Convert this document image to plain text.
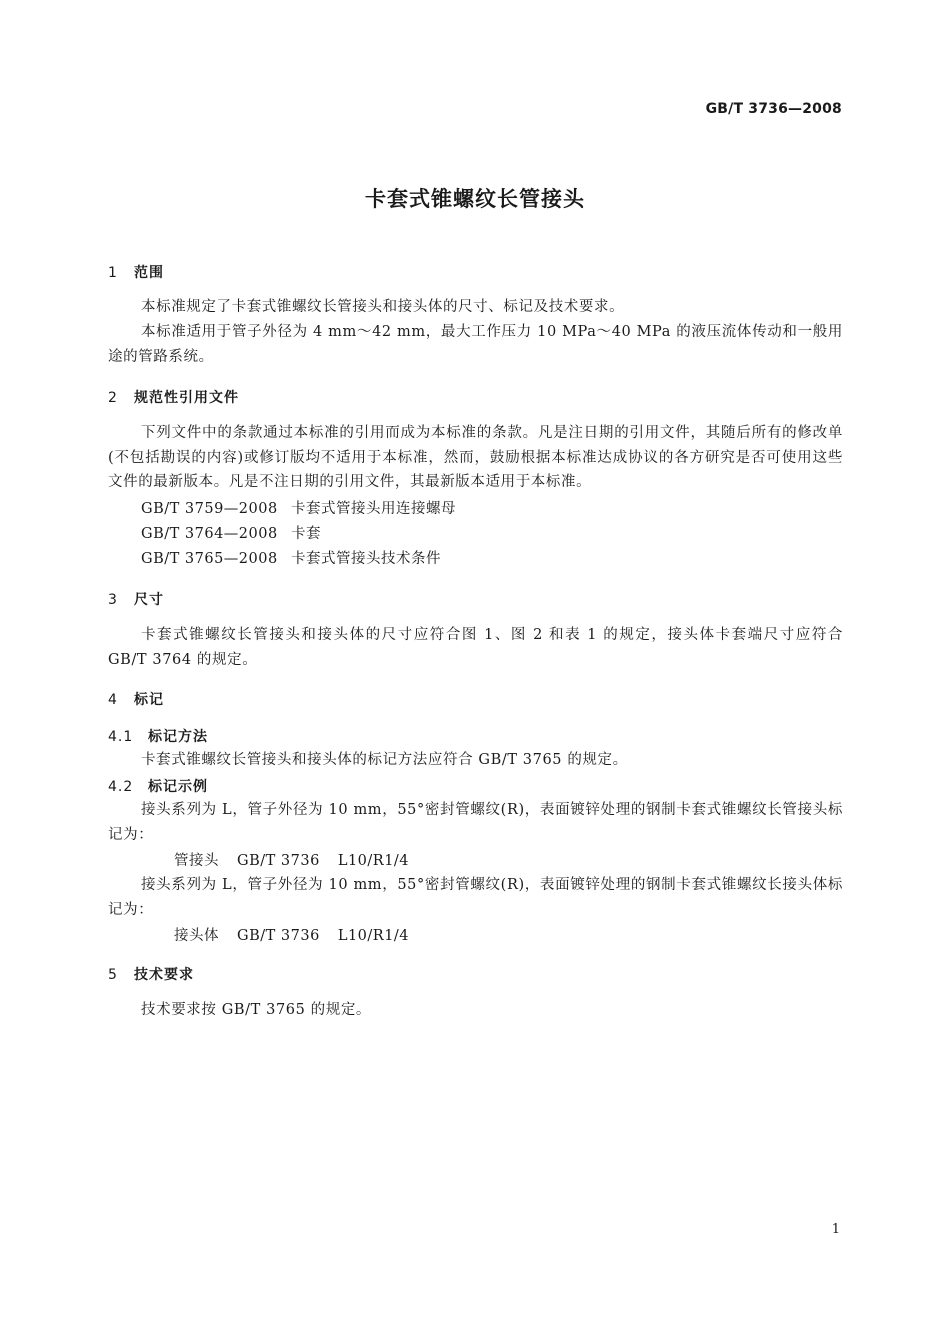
GB/T 3736—2008
卡套式锥螺纹长管接头
1 范围
本标准规定了卡套式锥螺纹长管接头和接头体的尺寸、标记及技术要求。
本标准适用于管子外径为 4 mm～42 mm，最大工作压力 10 MPa～40 MPa 的液压流体传动和一般用途的管路系统。
2 规范性引用文件
下列文件中的条款通过本标准的引用而成为本标准的条款。凡是注日期的引用文件，其随后所有的修改单(不包括勘误的内容)或修订版均不适用于本标准，然而，鼓励根据本标准达成协议的各方研究是否可使用这些文件的最新版本。凡是不注日期的引用文件，其最新版本适用于本标准。
GB/T 3759—2008 卡套式管接头用连接螺母
GB/T 3764—2008 卡套
GB/T 3765—2008 卡套式管接头技术条件
3 尺寸
卡套式锥螺纹长管接头和接头体的尺寸应符合图 1、图 2 和表 1 的规定，接头体卡套端尺寸应符合 GB/T 3764 的规定。
4 标记
4.1 标记方法
卡套式锥螺纹长管接头和接头体的标记方法应符合 GB/T 3765 的规定。
4.2 标记示例
接头系列为 L，管子外径为 10 mm，55°密封管螺纹(R)，表面镀锌处理的钢制卡套式锥螺纹长管接头标记为：
管接头 GB/T 3736 L10/R1/4
接头系列为 L，管子外径为 10 mm，55°密封管螺纹(R)，表面镀锌处理的钢制卡套式锥螺纹长接头体标记为：
接头体 GB/T 3736 L10/R1/4
5 技术要求
技术要求按 GB/T 3765 的规定。
1
